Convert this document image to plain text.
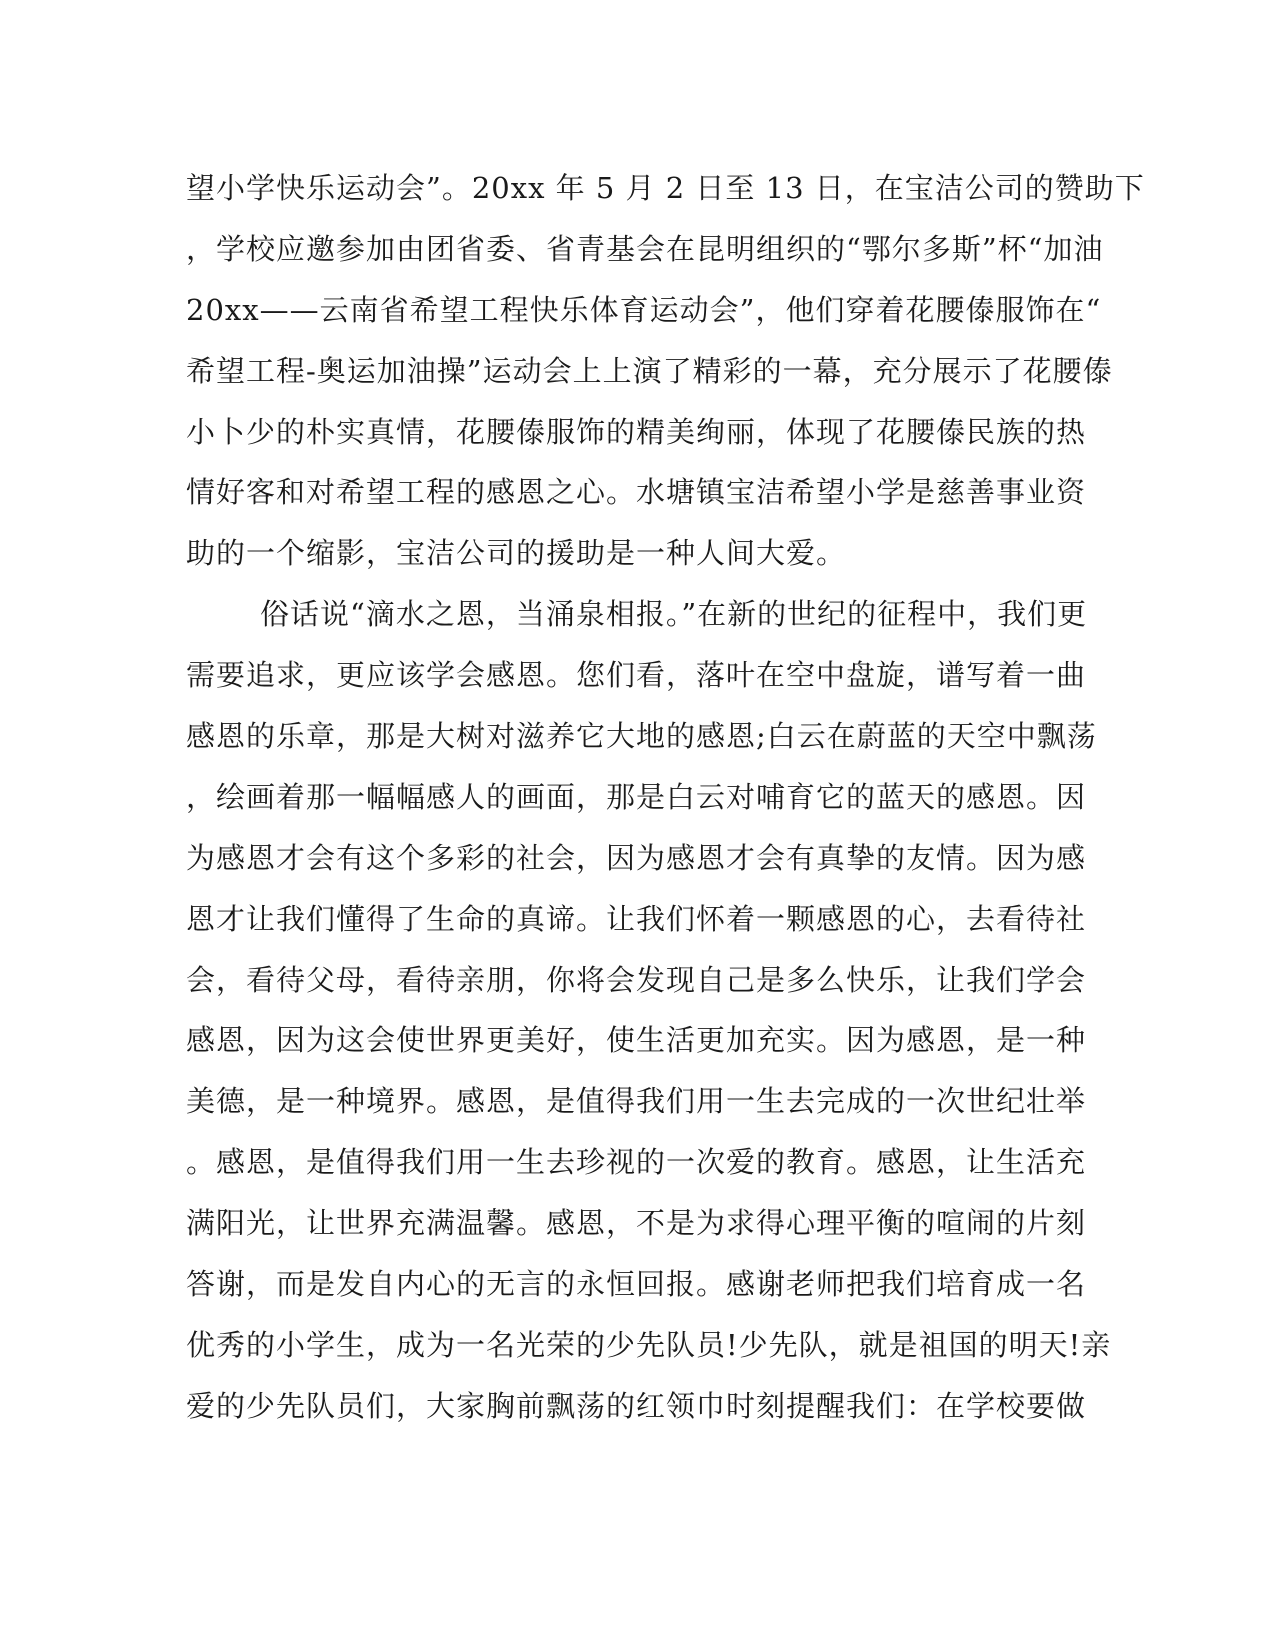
望小学快乐运动会”。20xx 年 5 月 2 日至 13 日，在宝洁公司的赞助下
，学校应邀参加由团省委、省青基会在昆明组织的“鄂尔多斯”杯“加油
20xx——云南省希望工程快乐体育运动会”，他们穿着花腰傣服饰在“
希望工程-奥运加油操”运动会上上演了精彩的一幕，充分展示了花腰傣
小卜少的朴实真情，花腰傣服饰的精美绚丽，体现了花腰傣民族的热
情好客和对希望工程的感恩之心。水塘镇宝洁希望小学是慈善事业资
助的一个缩影，宝洁公司的援助是一种人间大爱。
俗话说“滴水之恩，当涌泉相报。”在新的世纪的征程中，我们更
需要追求，更应该学会感恩。您们看，落叶在空中盘旋，谱写着一曲
感恩的乐章，那是大树对滋养它大地的感恩;白云在蔚蓝的天空中飘荡
，绘画着那一幅幅感人的画面，那是白云对哺育它的蓝天的感恩。因
为感恩才会有这个多彩的社会，因为感恩才会有真挚的友情。因为感
恩才让我们懂得了生命的真谛。让我们怀着一颗感恩的心，去看待社
会，看待父母，看待亲朋，你将会发现自己是多么快乐，让我们学会
感恩，因为这会使世界更美好，使生活更加充实。因为感恩，是一种
美德，是一种境界。感恩，是值得我们用一生去完成的一次世纪壮举
。感恩，是值得我们用一生去珍视的一次爱的教育。感恩，让生活充
满阳光，让世界充满温馨。感恩，不是为求得心理平衡的喧闹的片刻
答谢，而是发自内心的无言的永恒回报。感谢老师把我们培育成一名
优秀的小学生，成为一名光荣的少先队员!少先队，就是祖国的明天!亲
爱的少先队员们，大家胸前飘荡的红领巾时刻提醒我们：在学校要做
